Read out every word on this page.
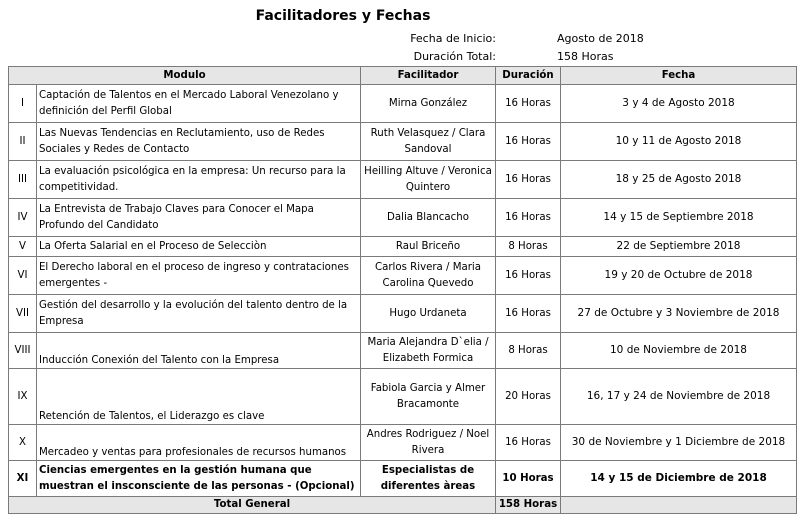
Facilitadores y Fechas
Fecha de Inicio:	Agosto de 2018
Duración Total:	158 Horas
Modulo		Facilitador	Duración	Fecha
I	Captación de Talentos en el Mercado Laboral Venezolano y definición del Perfil Global	Mirna González	16 Horas	3 y 4 de Agosto 2018
II	Las Nuevas Tendencias en Reclutamiento, uso de Redes Sociales y Redes de Contacto	Ruth Velasquez / Clara Sandoval	16 Horas	10 y 11 de Agosto 2018
III	La evaluación psicológica en la empresa: Un recurso para la competitividad.	Heilling Altuve / Veronica Quintero	16 Horas	18 y 25 de Agosto 2018
IV	La Entrevista de Trabajo Claves para Conocer el Mapa Profundo del Candidato	Dalia Blancacho	16 Horas	14 y 15 de Septiembre 2018
V	La Oferta Salarial en el Proceso de Selecciòn	Raul Briceño	8 Horas	22 de Septiembre 2018
VI	El Derecho laboral en el proceso de ingreso y contrataciones emergentes -	Carlos Rivera / Maria Carolina Quevedo	16 Horas	19 y 20 de Octubre de 2018
VII	Gestión del desarrollo y la evolución del talento dentro de la Empresa	Hugo Urdaneta	16 Horas	27 de Octubre y 3 Noviembre de 2018
VIII	Inducción Conexión del Talento con la Empresa	Maria Alejandra D`elia / Elizabeth Formica	8 Horas	10 de Noviembre de 2018
IX	Retención de Talentos, el Liderazgo es clave	Fabiola Garcia y Almer Bracamonte	20 Horas	16, 17 y 24 de Noviembre de 2018
X	Mercadeo y ventas para profesionales de recursos humanos	Andres Rodriguez / Noel Rivera	16 Horas	30 de Noviembre y 1 Diciembre de 2018
XI	Ciencias emergentes en la gestión humana que muestran el insconsciente de las personas - (Opcional)	Especialistas de diferentes àreas	10 Horas	14 y 15 de Diciembre de 2018
Total General			158 Horas	
